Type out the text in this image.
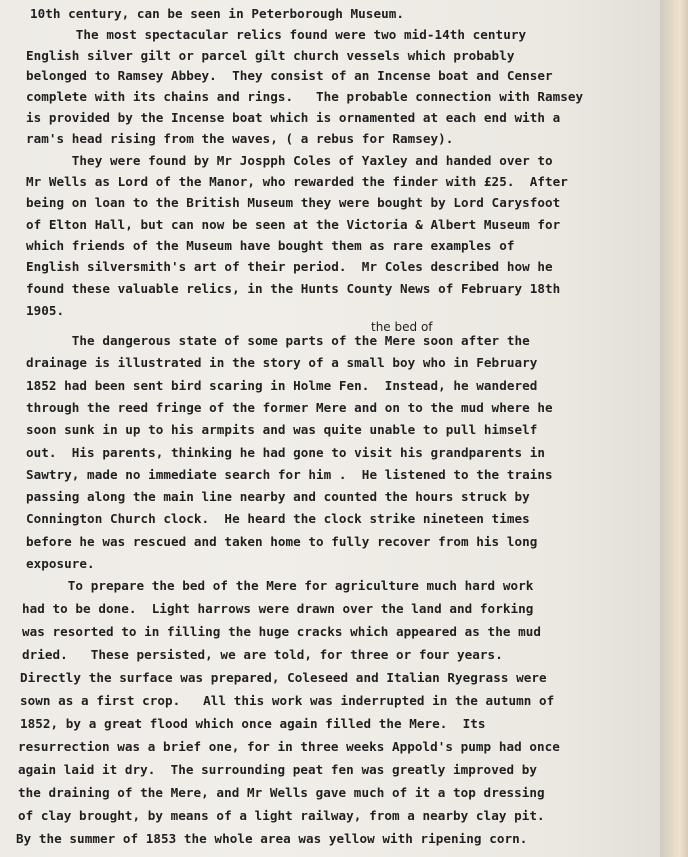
10th century, can be seen in Peterborough Museum.
The most spectacular relics found were two mid-14th century
English silver gilt or parcel gilt church vessels which probably
belonged to Ramsey Abbey.  They consist of an Incense boat and Censer
complete with its chains and rings.   The probable connection with Ramsey
is provided by the Incense boat which is ornamented at each end with a
ram's head rising from the waves, ( a rebus for Ramsey).
They were found by Mr Jospph Coles of Yaxley and handed over to
Mr Wells as Lord of the Manor, who rewarded the finder with £25.  After
being on loan to the British Museum they were bought by Lord Carysfoot
of Elton Hall, but can now be seen at the Victoria & Albert Museum for
which friends of the Museum have bought them as rare examples of
English silversmith's art of their period.  Mr Coles described how he
found these valuable relics, in the Hunts County News of February 18th
1905.
the bed of
The dangerous state of some parts of the Mere soon after the
drainage is illustrated in the story of a small boy who in February
1852 had been sent bird scaring in Holme Fen.  Instead, he wandered
through the reed fringe of the former Mere and on to the mud where he
soon sunk in up to his armpits and was quite unable to pull himself
out.  His parents, thinking he had gone to visit his grandparents in
Sawtry, made no immediate search for him .  He listened to the trains
passing along the main line nearby and counted the hours struck by
Connington Church clock.  He heard the clock strike nineteen times
before he was rescued and taken home to fully recover from his long
exposure.
To prepare the bed of the Mere for agriculture much hard work
had to be done.  Light harrows were drawn over the land and forking
was resorted to in filling the huge cracks which appeared as the mud
dried.   These persisted, we are told, for three or four years.
Directly the surface was prepared, Coleseed and Italian Ryegrass were
sown as a first crop.   All this work was inderrupted in the autumn of
1852, by a great flood which once again filled the Mere.  Its
resurrection was a brief one, for in three weeks Appold's pump had once
again laid it dry.  The surrounding peat fen was greatly improved by
the draining of the Mere, and Mr Wells gave much of it a top dressing
of clay brought, by means of a light railway, from a nearby clay pit.
By the summer of 1853 the whole area was yellow with ripening corn.
